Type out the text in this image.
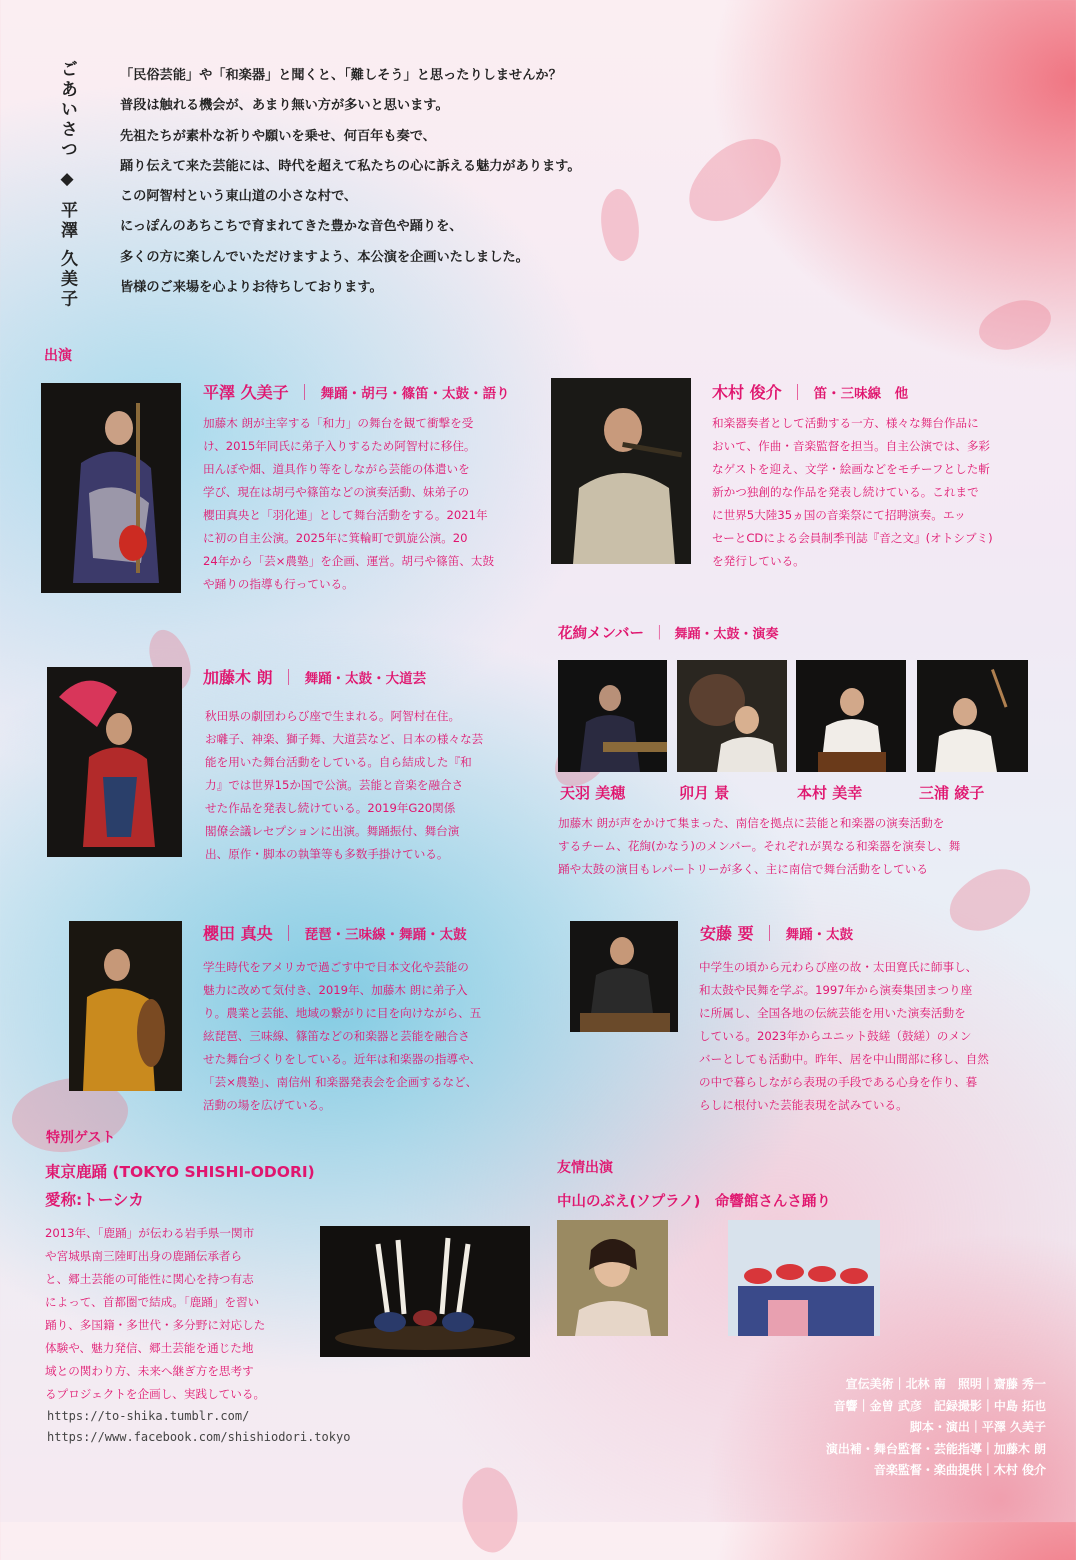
ごあいさつ ◆ 平澤 久美子	「民俗芸能」や「和楽器」と聞くと、「難しそう」と思ったりしませんか？
普段は触れる機会が、あまり無い方が多いと思います。
先祖たちが素朴な祈りや願いを乗せ、何百年も奏で、
踊り伝えて来た芸能には、時代を超えて私たちの心に訴える魅力があります。
この阿智村という東山道の小さな村で、
にっぽんのあちこちで育まれてきた豊かな音色や踊りを、
多くの方に楽しんでいただけますよう、本公演を企画いたしました。
皆様のご来場を心よりお待ちしております。
出演
平澤 久美子 ｜ 舞踊・胡弓・篠笛・太鼓・語り
加藤木 朗が主宰する「和力」の舞台を観て衝撃を受
け、2015年同氏に弟子入りするため阿智村に移住。
田んぼや畑、道具作り等をしながら芸能の体遣いを
学び、現在は胡弓や篠笛などの演奏活動、妹弟子の
櫻田真央と「羽化連」として舞台活動をする。2021年
に初の自主公演。2025年に箕輪町で凱旋公演。20
24年から「芸×農塾」を企画、運営。胡弓や篠笛、太鼓
や踊りの指導も行っている。
木村 俊介 ｜ 笛・三味線　他
和楽器奏者として活動する一方、様々な舞台作品に
おいて、作曲・音楽監督を担当。自主公演では、多彩
なゲストを迎え、文学・絵画などをモチーフとした斬
新かつ独創的な作品を発表し続けている。これまで
に世界5大陸35ヵ国の音楽祭にて招聘演奏。エッ
セーとCDによる会員制季刊誌『音之文』(オトシブミ)
を発行している。
花絢メンバー ｜ 舞踊・太鼓・演奏
天羽 美穂	卯月 景	本村 美幸	三浦 綾子
加藤木 朗が声をかけて集まった、南信を拠点に芸能と和楽器の演奏活動を
するチーム、花絢(かなう)のメンバー。それぞれが異なる和楽器を演奏し、舞
踊や太鼓の演目もレパートリーが多く、主に南信で舞台活動をしている
加藤木 朗 ｜ 舞踊・太鼓・大道芸
秋田県の劇団わらび座で生まれる。阿智村在住。
お囃子、神楽、獅子舞、大道芸など、日本の様々な芸
能を用いた舞台活動をしている。自ら結成した『和
力』では世界15か国で公演。芸能と音楽を融合さ
せた作品を発表し続けている。2019年G20関係
閣僚会議レセプションに出演。舞踊振付、舞台演
出、原作・脚本の執筆等も多数手掛けている。
櫻田 真央 ｜ 琵琶・三味線・舞踊・太鼓
学生時代をアメリカで過ごす中で日本文化や芸能の
魅力に改めて気付き、2019年、加藤木 朗に弟子入
り。農業と芸能、地域の繋がりに目を向けながら、五
絃琵琶、三味線、篠笛などの和楽器と芸能を融合さ
せた舞台づくりをしている。近年は和楽器の指導や、
「芸×農塾」、南信州 和楽器発表会を企画するなど、
活動の場を広げている。
安藤 要 ｜ 舞踊・太鼓
中学生の頃から元わらび座の故・太田寛氏に師事し、
和太鼓や民舞を学ぶ。1997年から演奏集団まつり座
に所属し、全国各地の伝統芸能を用いた演奏活動を
している。2023年からユニット鼓縒（鼓縒）のメン
バーとしても活動中。昨年、居を中山間部に移し、自然
の中で暮らしながら表現の手段である心身を作り、暮
らしに根付いた芸能表現を試みている。
特別ゲスト
東京鹿踊 (TOKYO SHISHI-ODORI)
愛称:トーシカ
2013年、「鹿踊」が伝わる岩手県一関市
や宮城県南三陸町出身の鹿踊伝承者ら
と、郷土芸能の可能性に関心を持つ有志
によって、首都圏で結成。「鹿踊」を習い
踊り、多国籍・多世代・多分野に対応した
体験や、魅力発信、郷土芸能を通じた地
域との関わり方、未来へ継ぎ方を思考す
るプロジェクトを企画し、実践している。
https://to-shika.tumblr.com/
https://www.facebook.com/shishiodori.tokyo
友情出演
中山のぶえ(ソプラノ)　命響館さんさ踊り
宣伝美術｜北林 南　照明｜齋藤 秀一
音響｜金曽 武彦　記録撮影｜中島 拓也
脚本・演出｜平澤 久美子
演出補・舞台監督・芸能指導｜加藤木 朗
音楽監督・楽曲提供｜木村 俊介
